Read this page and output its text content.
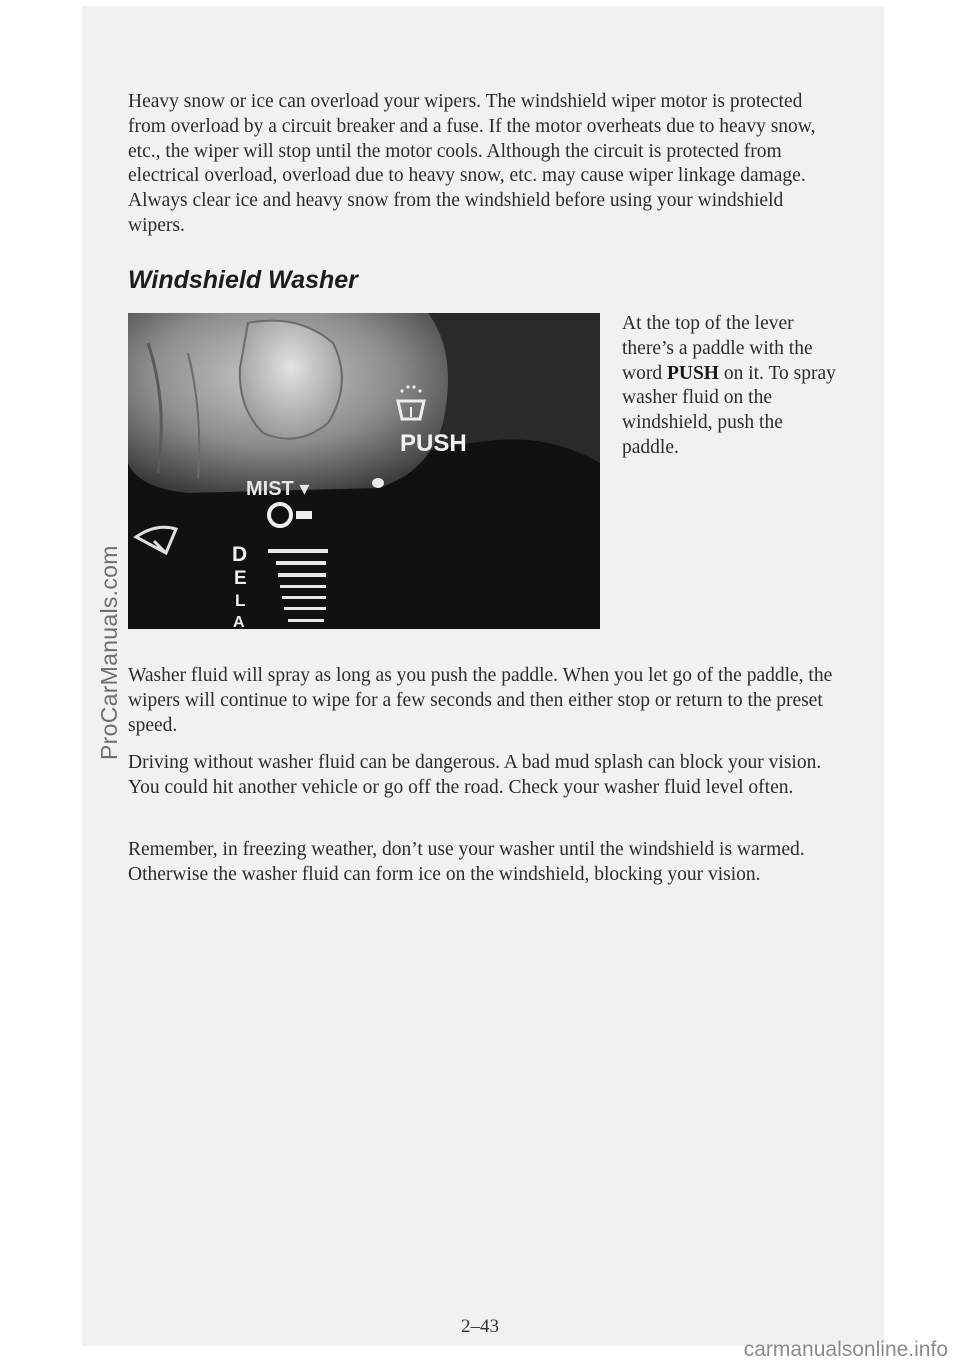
Heavy snow or ice can overload your wipers. The windshield wiper motor is protected from overload by a circuit breaker and a fuse. If the motor overheats due to heavy snow, etc., the wiper will stop until the motor cools. Although the circuit is protected from electrical overload, overload due to heavy snow, etc. may cause wiper linkage damage. Always clear ice and heavy snow from the windshield before using your windshield wipers.

Windshield Washer
PUSH
MIST ▾
D
E
L
A

At the top of the lever there’s a paddle with the word PUSH on it. To spray washer fluid on the windshield, push the paddle.

Washer fluid will spray as long as you push the paddle. When you let go of the paddle, the wipers will continue to wipe for a few seconds and then either stop or return to the preset speed.

Driving without washer fluid can be dangerous. A bad mud splash can block your vision. You could hit another vehicle or go off the road. Check your washer fluid level often.

Remember, in freezing weather, don’t use your washer until the windshield is warmed. Otherwise the washer fluid can form ice on the windshield, blocking your vision.

2–43
ProCarManuals.com
carmanualsonline.info
